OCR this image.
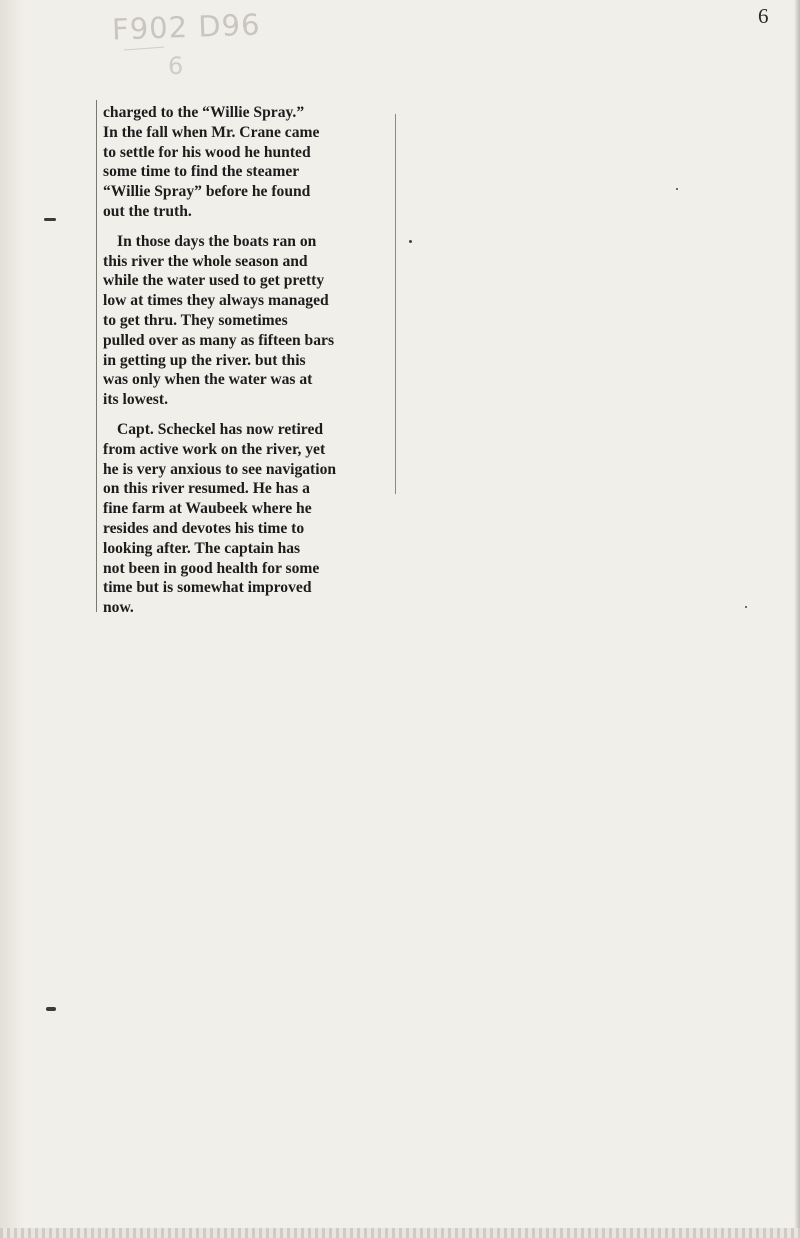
F902 D96
6
6

charged to the “Willie Spray.”
In the fall when Mr. Crane came
to settle for his wood he hunted
some time to find the steamer
“Willie Spray” before he found
out the truth.

In those days the boats ran on
this river the whole season and
while the water used to get pretty
low at times they always managed
to get thru. They sometimes
pulled over as many as fifteen bars
in getting up the river. but this
was only when the water was at
its lowest.

Capt. Scheckel has now retired
from active work on the river, yet
he is very anxious to see navigation
on this river resumed. He has a
fine farm at Waubeek where he
resides and devotes his time to
looking after. The captain has
not been in good health for some
time but is somewhat improved
now.
